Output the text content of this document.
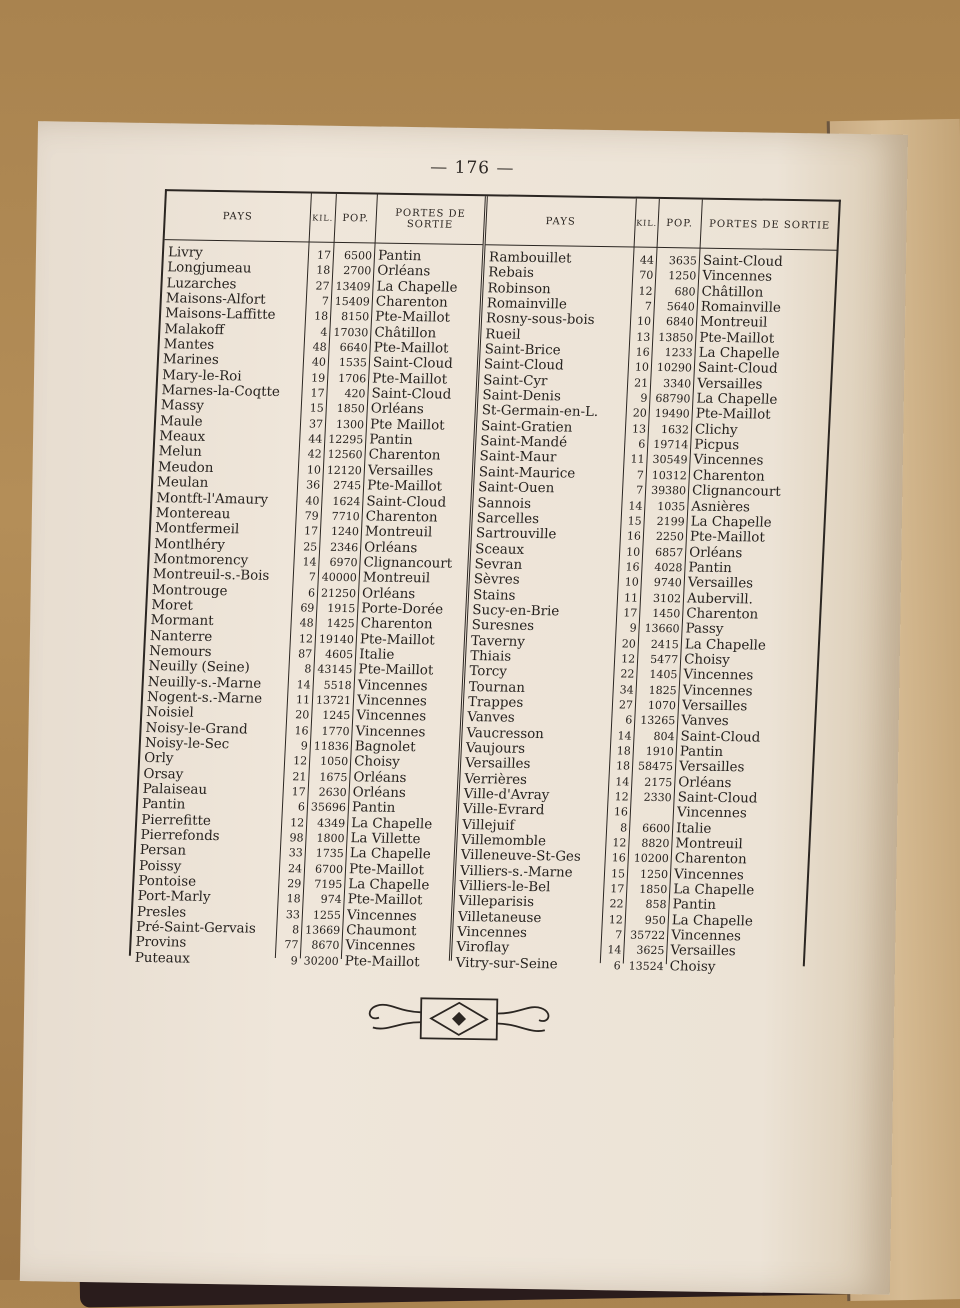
— 176 —
PAYS	KIL. POP.	PORTES DE SORTIE
Livry	17	6500 Pantin
Longjumeau	18	2700 Orléans
Luzarches	27 13409 La Chapelle
Maisons-Alfort	7 15409 Charenton
Maisons-Laffitte	18	8150 Pte-Maillot
Malakoff	4 17030 Châtillon
Mantes	48	6640 Pte-Maillot
Marines	40	1535 Saint-Cloud
Mary-le-Roi	19	1706 Pte-Maillot
Marnes-la-Coqtte	17	420 Saint-Cloud
Massy	15	1850 Orléans
Maule	37	1300 Pte Maillot
Meaux	44 12295 Pantin
Melun	42 12560 Charenton
Meudon	10 12120 Versailles
Meulan	36	2745 Pte-Maillot
Montft-l'Amaury	40	1624 Saint-Cloud
Montereau	79	7710 Charenton
Montfermeil	17	1240 Montreuil
Montlhéry	25	2346 Orléans
Montmorency	14	6970 Clignancourt
Montreuil-s.-Bois	7 40000 Montreuil
Montrouge	6 21250 Orléans
Moret	69	1915 Porte-Dorée
Mormant	48	1425 Charenton
Nanterre	12 19140 Pte-Maillot
Nemours	87	4605 Italie
Neuilly (Seine)	8 43145 Pte-Maillot
Neuilly-s.-Marne	14	5518 Vincennes
Nogent-s.-Marne	11 13721 Vincennes
Noisiel	20	1245 Vincennes
Noisy-le-Grand	16	1770 Vincennes
Noisy-le-Sec	9 11836 Bagnolet
Orly	12	1050 Choisy
Orsay	21	1675 Orléans
Palaiseau	17	2630 Orléans
Pantin	6 35696 Pantin
Pierrefitte	12	4349 La Chapelle
Pierrefonds	98	1800 La Villette
Persan	33	1735 La Chapelle
Poissy	24	6700 Pte-Maillot
Pontoise	29	7195 La Chapelle
Port-Marly	18	974 Pte-Maillot
Presles	33	1255 Vincennes
Pré-Saint-Gervais	8 13669 Chaumont
Provins	77	8670 Vincennes
Puteaux	9 30200 Pte-Maillot
PAYS	KIL. POP.	PORTES DE SORTIE
Rambouillet	44	3635 Saint-Cloud
Rebais	70	1250 Vincennes
Robinson	12	680 Châtillon
Romainville	7	5640 Romainville
Rosny-sous-bois	10	6840 Montreuil
Rueil	13 13850 Pte-Maillot
Saint-Brice	16	1233 La Chapelle
Saint-Cloud	10 10290 Saint-Cloud
Saint-Cyr	21	3340 Versailles
Saint-Denis	9 68790 La Chapelle
St-Germain-en-L.	20 19490 Pte-Maillot
Saint-Gratien	13	1632 Clichy
Saint-Mandé	6 19714 Picpus
Saint-Maur	11 30549 Vincennes
Saint-Maurice	7 10312 Charenton
Saint-Ouen	7 39380 Clignancourt
Sannois	14	1035 Asnières
Sarcelles	15	2199 La Chapelle
Sartrouville	16	2250 Pte-Maillot
Sceaux	10	6857 Orléans
Sevran	16	4028 Pantin
Sèvres	10	9740 Versailles
Stains	11	3102 Aubervill.
Sucy-en-Brie	17	1450 Charenton
Suresnes	9 13660 Passy
Taverny	20	2415 La Chapelle
Thiais	12	5477 Choisy
Torcy	22	1405 Vincennes
Tournan	34	1825 Vincennes
Trappes	27	1070 Versailles
Vanves	6 13265 Vanves
Vaucresson	14	804 Saint-Cloud
Vaujours	18	1910 Pantin
Versailles	18 58475 Versailles
Verrières	14	2175 Orléans
Ville-d'Avray	12	2330 Saint-Cloud
Ville-Evrard	16	Vincennes
Villejuif	8	6600 Italie
Villemomble	12	8820 Montreuil
Villeneuve-St-Ges	16 10200 Charenton
Villiers-s.-Marne	15	1250 Vincennes
Villiers-le-Bel	17	1850 La Chapelle
Villeparisis	22	858 Pantin
Villetaneuse	12	950 La Chapelle
Vincennes	7 35722 Vincennes
Viroflay	14	3625 Versailles
Vitry-sur-Seine	6 13524 Choisy
